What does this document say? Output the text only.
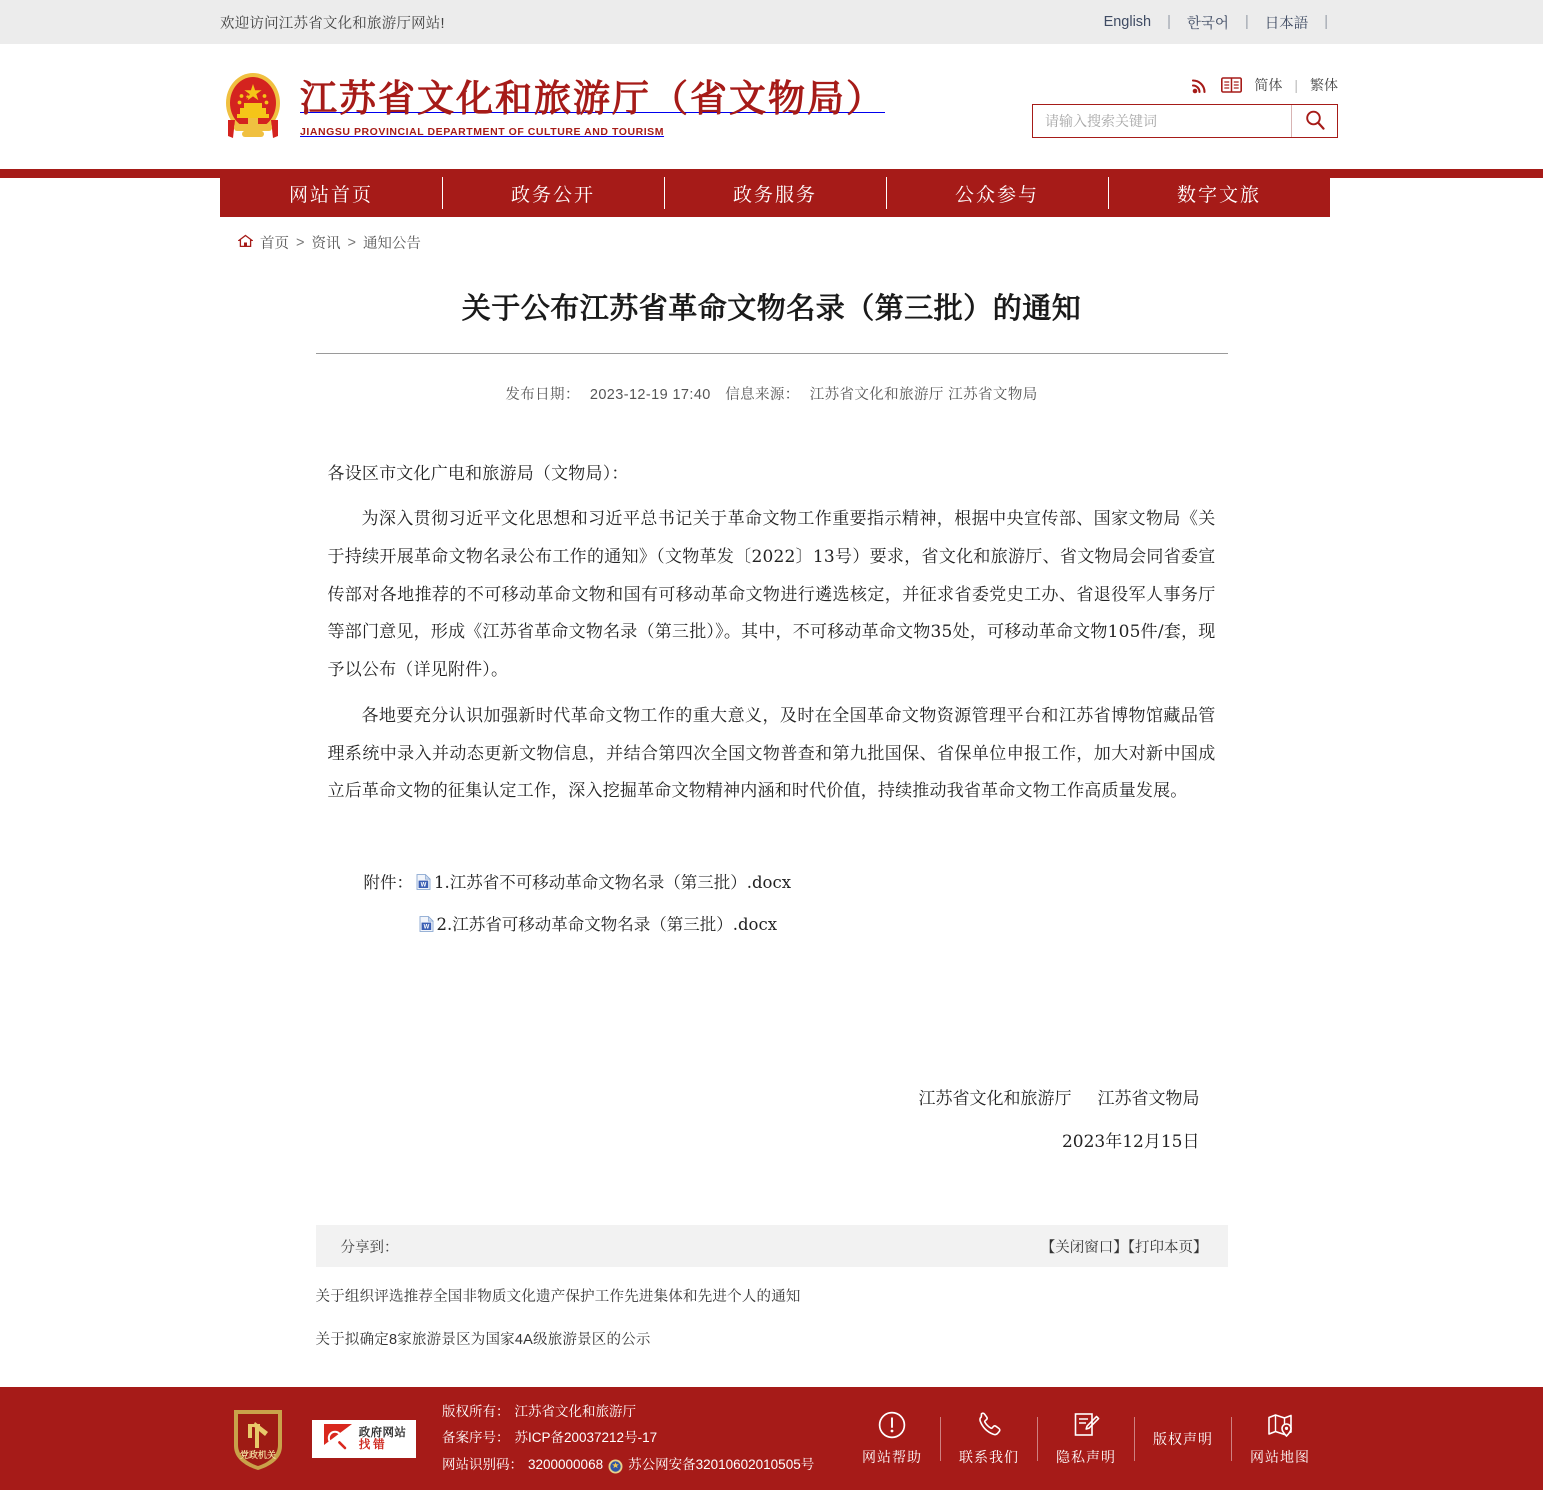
欢迎访问江苏省文化和旅游厅网站!	English	|	한국어	|	日本語	|
江苏省文化和旅游厅（省文物局） JIANGSU PROVINCIAL DEPARTMENT OF CULTURE AND TOURISM
简体 | 繁体
请输入搜索关键词
网站首页	政务公开	政务服务	公众参与	数字文旅
首页 > 资讯 > 通知公告
关于公布江苏省革命文物名录（第三批）的通知
发布日期： 2023-12-19 17:40 信息来源： 江苏省文化和旅游厅 江苏省文物局

各设区市文化广电和旅游局（文物局）：

为深入贯彻习近平文化思想和习近平总书记关于革命文物工作重要指示精神，根据中央宣传部、国家文物局《关于持续开展革命文物名录公布工作的通知》（文物革发〔2022〕13号）要求，省文化和旅游厅、省文物局会同省委宣传部对各地推荐的不可移动革命文物和国有可移动革命文物进行遴选核定，并征求省委党史工办、省退役军人事务厅等部门意见，形成《江苏省革命文物名录（第三批）》。其中，不可移动革命文物35处，可移动革命文物105件/套，现予以公布（详见附件）。

各地要充分认识加强新时代革命文物工作的重大意义，及时在全国革命文物资源管理平台和江苏省博物馆藏品管理系统中录入并动态更新文物信息，并结合第四次全国文物普查和第九批国保、省保单位申报工作，加大对新中国成立后革命文物的征集认定工作，深入挖掘革命文物精神内涵和时代价值，持续推动我省革命文物工作高质量发展。

附件： W 1.江苏省不可移动革命文物名录（第三批）.docx
W 2.江苏省可移动革命文物名录（第三批）.docx
江苏省文化和旅游厅 江苏省文物局
2023年12月15日
分享到：	【关闭窗口】【打印本页】
关于组织评选推荐全国非物质文化遗产保护工作先进集体和先进个人的通知
关于拟确定8家旅游景区为国家4A级旅游景区的公示
党政机关
政府网站
找错
版权所有： 江苏省文化和旅游厅
备案序号： 苏ICP备20037212号-17
网站识别码： 3200000068 苏公网安备32010602010505号	网站帮助	联系我们	隐私声明
版权声明
网站地图
